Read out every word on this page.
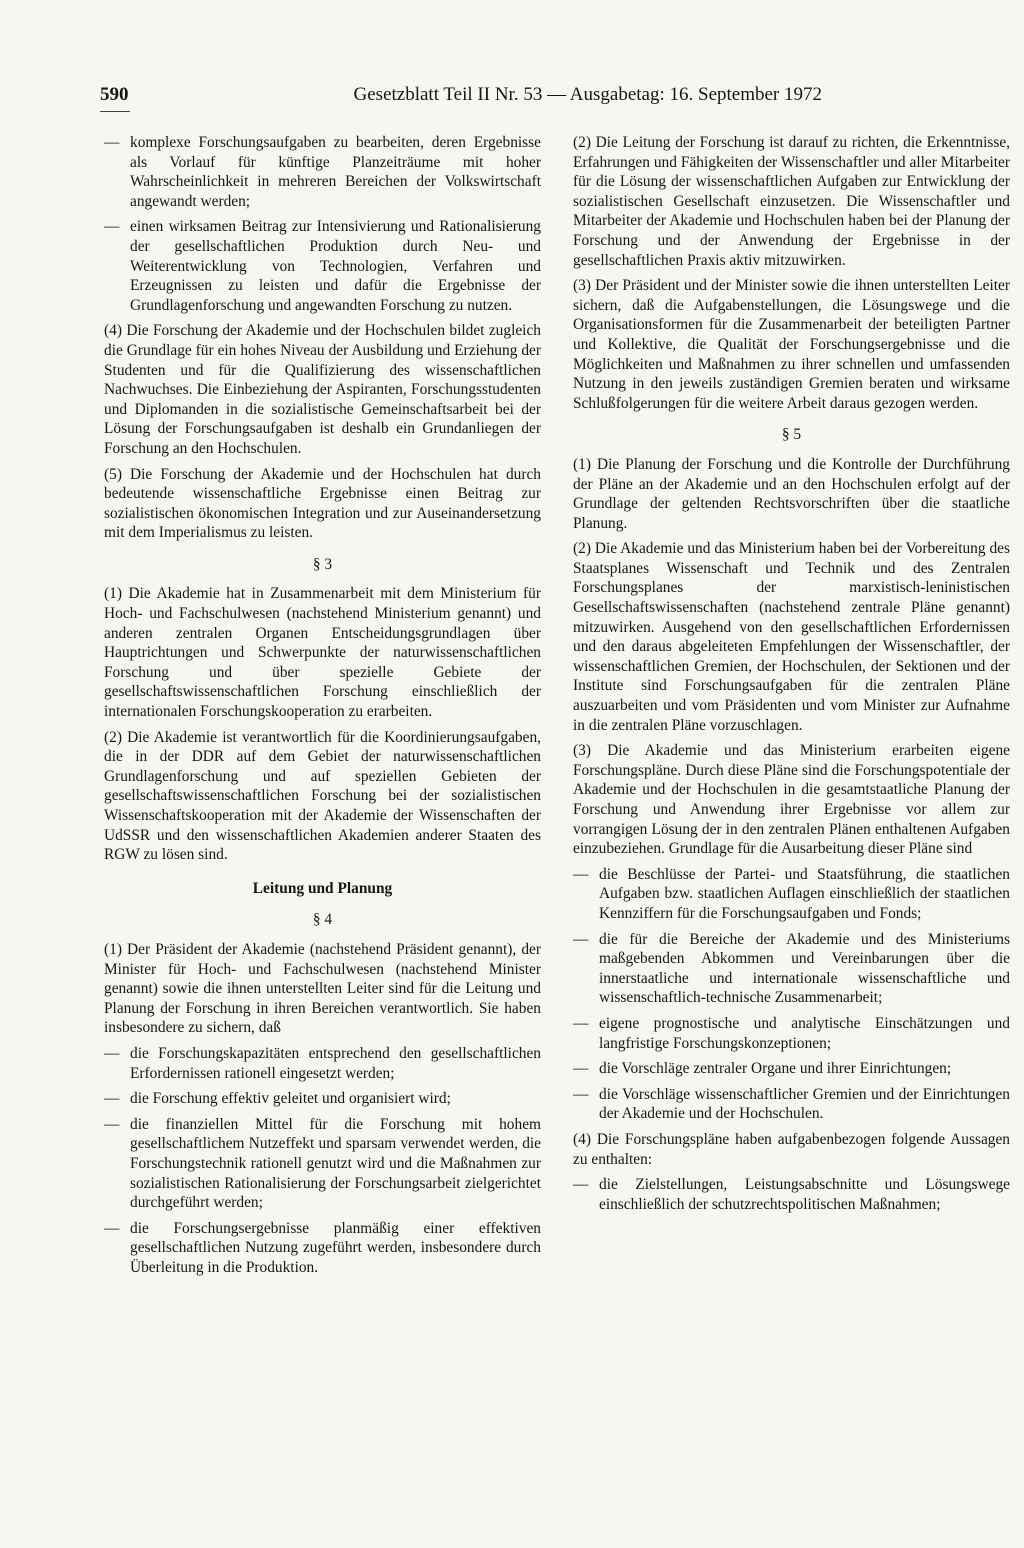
590	Gesetzblatt Teil II Nr. 53 — Ausgabetag: 16. September 1972
— komplexe Forschungsaufgaben zu bearbeiten, deren Ergebnisse als Vorlauf für künftige Planzeiträume mit hoher Wahrscheinlichkeit in mehreren Bereichen der Volkswirtschaft angewandt werden;
— einen wirksamen Beitrag zur Intensivierung und Rationalisierung der gesellschaftlichen Produktion durch Neu- und Weiterentwicklung von Technologien, Verfahren und Erzeugnissen zu leisten und dafür die Ergebnisse der Grundlagenforschung und angewandten Forschung zu nutzen.

(4) Die Forschung der Akademie und der Hochschulen bildet zugleich die Grundlage für ein hohes Niveau der Ausbildung und Erziehung der Studenten und für die Qualifizierung des wissenschaftlichen Nachwuchses. Die Einbeziehung der Aspiranten, Forschungsstudenten und Diplomanden in die sozialistische Gemeinschaftsarbeit bei der Lösung der Forschungsaufgaben ist deshalb ein Grundanliegen der Forschung an den Hochschulen.

(5) Die Forschung der Akademie und der Hochschulen hat durch bedeutende wissenschaftliche Ergebnisse einen Beitrag zur sozialistischen ökonomischen Integration und zur Auseinandersetzung mit dem Imperialismus zu leisten.

§ 3

(1) Die Akademie hat in Zusammenarbeit mit dem Ministerium für Hoch- und Fachschulwesen (nachstehend Ministerium genannt) und anderen zentralen Organen Entscheidungsgrundlagen über Hauptrichtungen und Schwerpunkte der naturwissenschaftlichen Forschung und über spezielle Gebiete der gesellschaftswissenschaftlichen Forschung einschließlich der internationalen Forschungskooperation zu erarbeiten.

(2) Die Akademie ist verantwortlich für die Koordinierungsaufgaben, die in der DDR auf dem Gebiet der naturwissenschaftlichen Grundlagenforschung und auf speziellen Gebieten der gesellschaftswissenschaftlichen Forschung bei der sozialistischen Wissenschaftskooperation mit der Akademie der Wissenschaften der UdSSR und den wissenschaftlichen Akademien anderer Staaten des RGW zu lösen sind.

Leitung und Planung
§ 4

(1) Der Präsident der Akademie (nachstehend Präsident genannt), der Minister für Hoch- und Fachschulwesen (nachstehend Minister genannt) sowie die ihnen unterstellten Leiter sind für die Leitung und Planung der Forschung in ihren Bereichen verantwortlich. Sie haben insbesondere zu sichern, daß

— die Forschungskapazitäten entsprechend den gesellschaftlichen Erfordernissen rationell eingesetzt werden;
— die Forschung effektiv geleitet und organisiert wird;
— die finanziellen Mittel für die Forschung mit hohem gesellschaftlichem Nutzeffekt und sparsam verwendet werden, die Forschungstechnik rationell genutzt wird und die Maßnahmen zur sozialistischen Rationalisierung der Forschungsarbeit zielgerichtet durchgeführt werden;
— die Forschungsergebnisse planmäßig einer effektiven gesellschaftlichen Nutzung zugeführt werden, insbesondere durch Überleitung in die Produktion.

(2) Die Leitung der Forschung ist darauf zu richten, die Erkenntnisse, Erfahrungen und Fähigkeiten der Wissenschaftler und aller Mitarbeiter für die Lösung der wissenschaftlichen Aufgaben zur Entwicklung der sozialistischen Gesellschaft einzusetzen. Die Wissenschaftler und Mitarbeiter der Akademie und Hochschulen haben bei der Planung der Forschung und der Anwendung der Ergebnisse in der gesellschaftlichen Praxis aktiv mitzuwirken.

(3) Der Präsident und der Minister sowie die ihnen unterstellten Leiter sichern, daß die Aufgabenstellungen, die Lösungswege und die Organisationsformen für die Zusammenarbeit der beteiligten Partner und Kollektive, die Qualität der Forschungsergebnisse und die Möglichkeiten und Maßnahmen zu ihrer schnellen und umfassenden Nutzung in den jeweils zuständigen Gremien beraten und wirksame Schlußfolgerungen für die weitere Arbeit daraus gezogen werden.

§ 5

(1) Die Planung der Forschung und die Kontrolle der Durchführung der Pläne an der Akademie und an den Hochschulen erfolgt auf der Grundlage der geltenden Rechtsvorschriften über die staatliche Planung.

(2) Die Akademie und das Ministerium haben bei der Vorbereitung des Staatsplanes Wissenschaft und Technik und des Zentralen Forschungsplanes der marxistisch-leninistischen Gesellschaftswissenschaften (nachstehend zentrale Pläne genannt) mitzuwirken. Ausgehend von den gesellschaftlichen Erfordernissen und den daraus abgeleiteten Empfehlungen der Wissenschaftler, der wissenschaftlichen Gremien, der Hochschulen, der Sektionen und der Institute sind Forschungsaufgaben für die zentralen Pläne auszuarbeiten und vom Präsidenten und vom Minister zur Aufnahme in die zentralen Pläne vorzuschlagen.

(3) Die Akademie und das Ministerium erarbeiten eigene Forschungspläne. Durch diese Pläne sind die Forschungspotentiale der Akademie und der Hochschulen in die gesamtstaatliche Planung der Forschung und Anwendung ihrer Ergebnisse vor allem zur vorrangigen Lösung der in den zentralen Plänen enthaltenen Aufgaben einzubeziehen. Grundlage für die Ausarbeitung dieser Pläne sind

— die Beschlüsse der Partei- und Staatsführung, die staatlichen Aufgaben bzw. staatlichen Auflagen einschließlich der staatlichen Kennziffern für die Forschungsaufgaben und Fonds;
— die für die Bereiche der Akademie und des Ministeriums maßgebenden Abkommen und Vereinbarungen über die innerstaatliche und internationale wissenschaftliche und wissenschaftlich-technische Zusammenarbeit;
— eigene prognostische und analytische Einschätzungen und langfristige Forschungskonzeptionen;
— die Vorschläge zentraler Organe und ihrer Einrichtungen;
— die Vorschläge wissenschaftlicher Gremien und der Einrichtungen der Akademie und der Hochschulen.

(4) Die Forschungspläne haben aufgabenbezogen folgende Aussagen zu enthalten:

— die Zielstellungen, Leistungsabschnitte und Lösungswege einschließlich der schutzrechtspolitischen Maßnahmen;
